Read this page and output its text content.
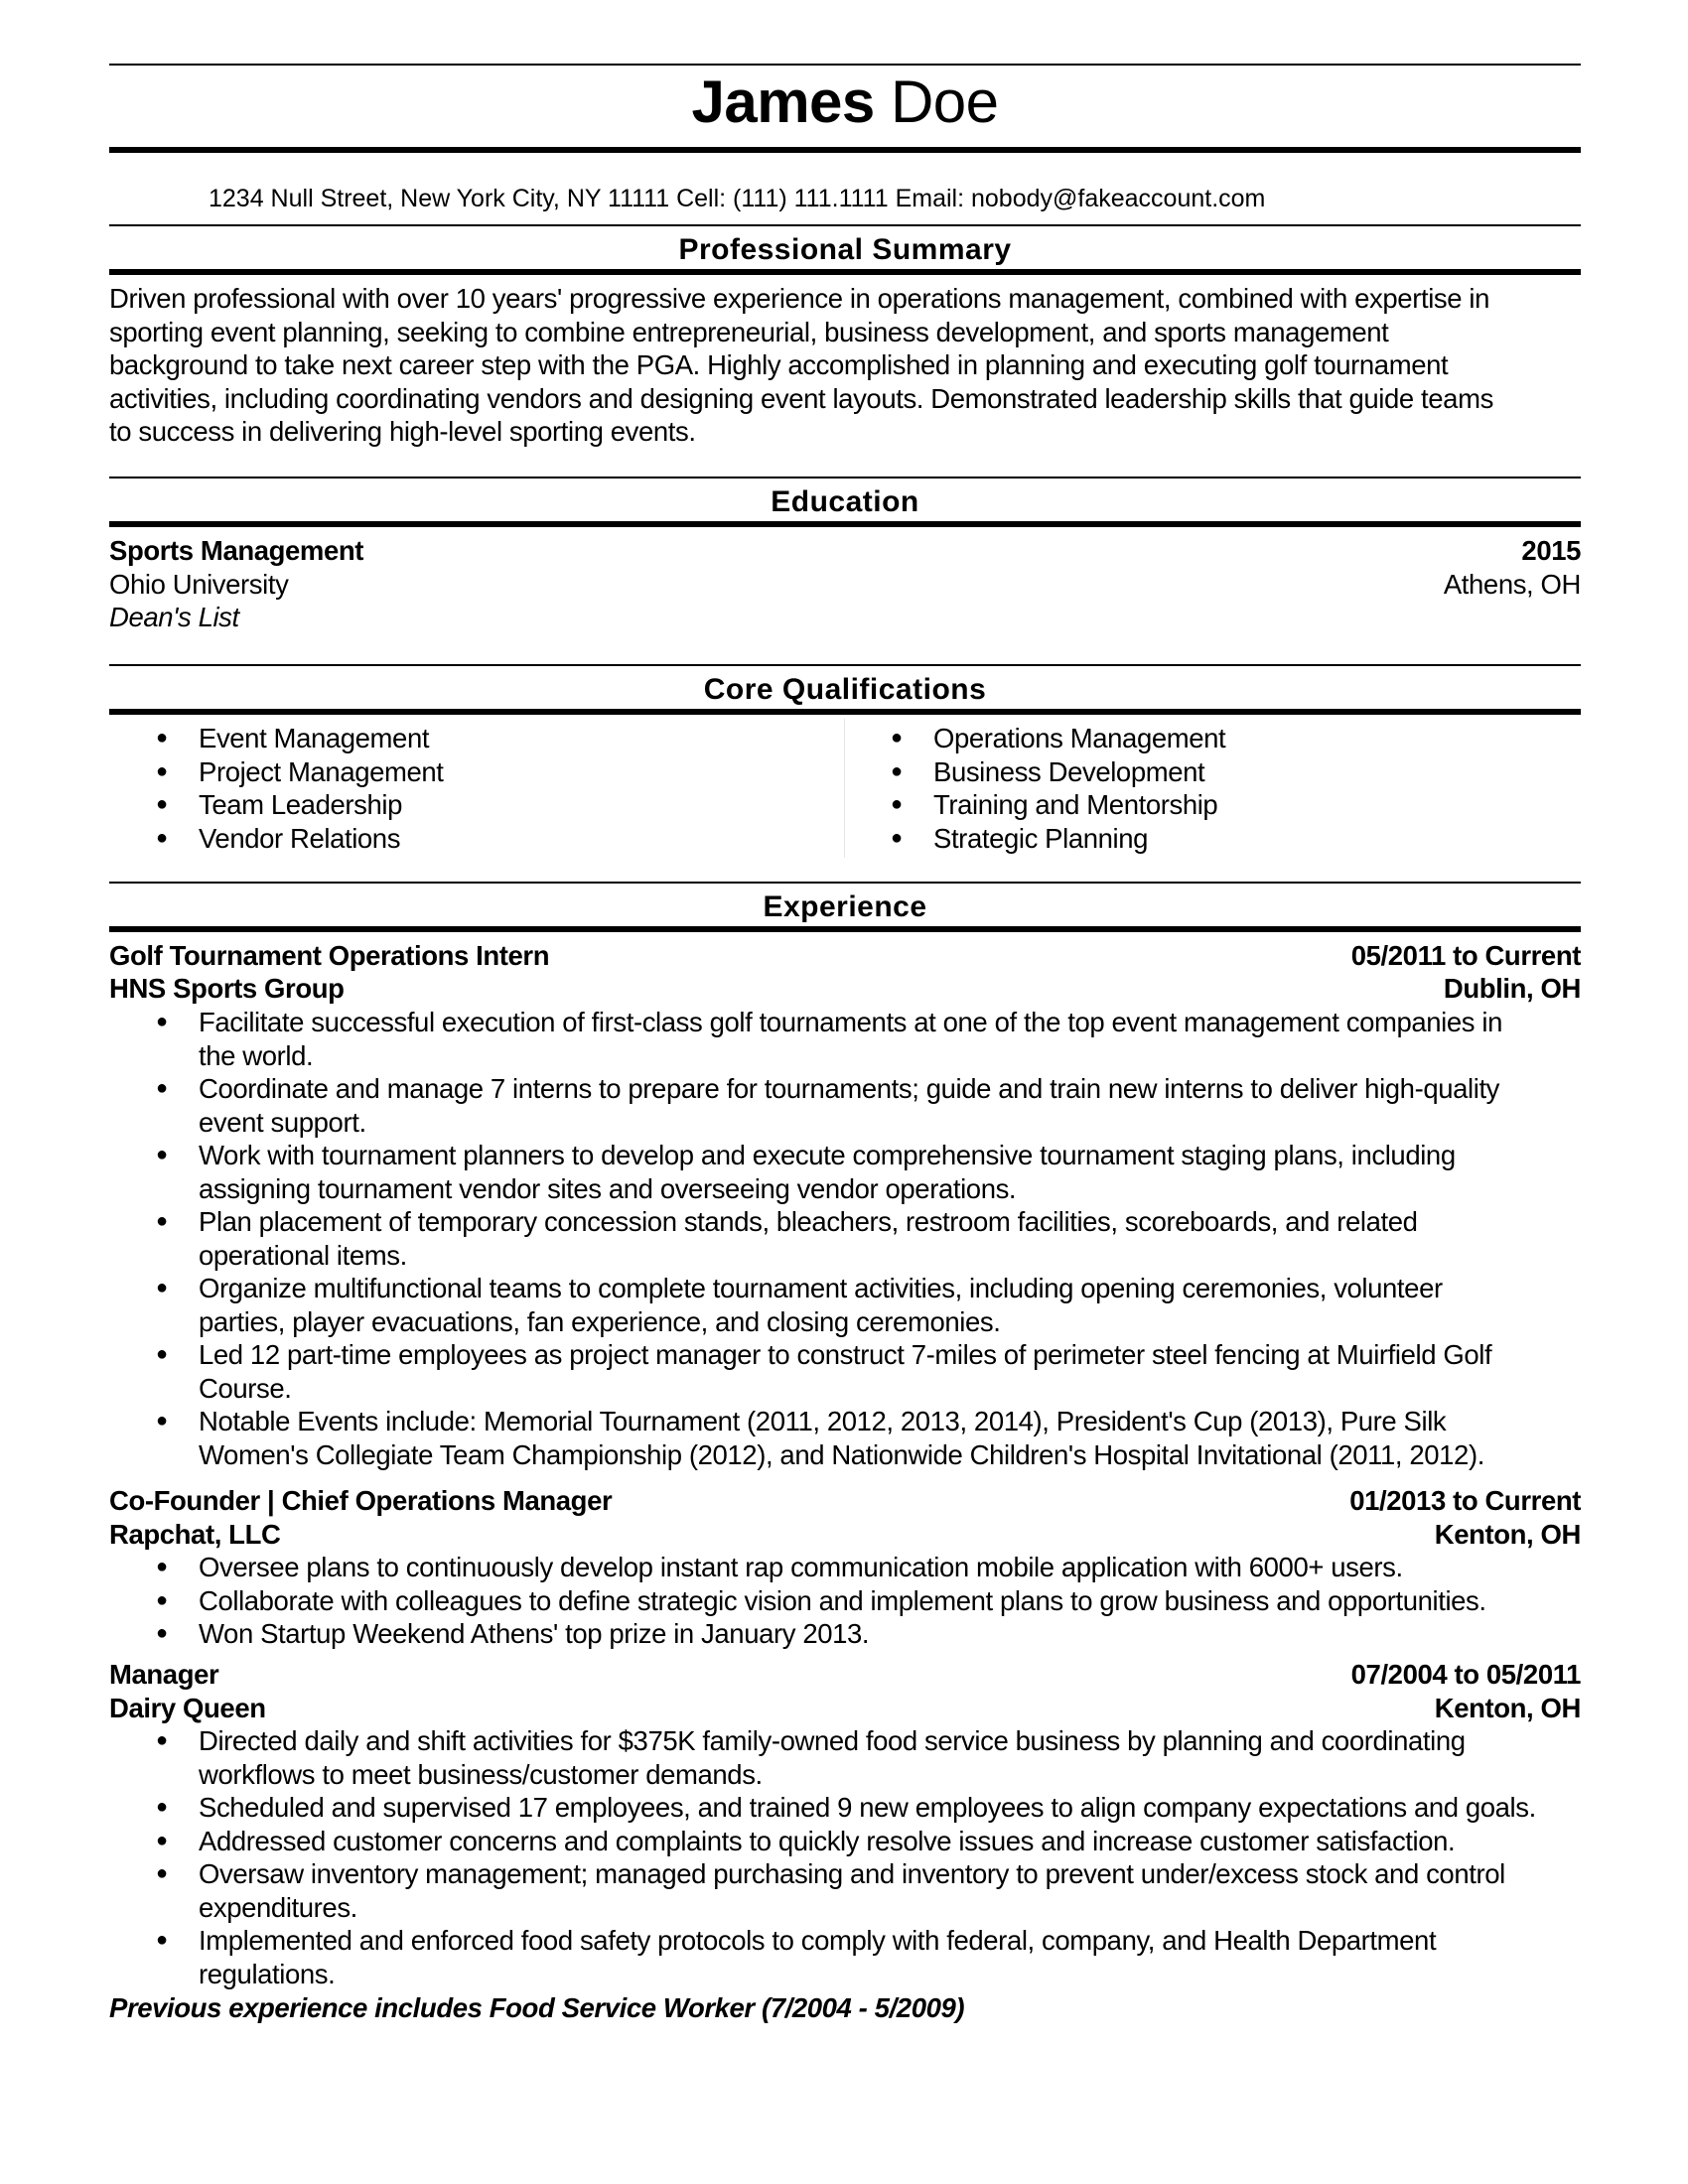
James Doe
1234 Null Street, New York City, NY 11111 Cell: (111) 111.1111 Email: nobody@fakeaccount.com
Professional Summary
Driven professional with over 10 years' progressive experience in operations management, combined with expertise in
sporting event planning, seeking to combine entrepreneurial, business development, and sports management
background to take next career step with the PGA. Highly accomplished in planning and executing golf tournament
activities, including coordinating vendors and designing event layouts. Demonstrated leadership skills that guide teams
to success in delivering high-level sporting events.
Education
Sports Management	2015
Ohio University	Athens, OH
Dean's List
Core Qualifications
● Event Management
● Project Management
● Team Leadership
● Vendor Relations
● Operations Management
● Business Development
● Training and Mentorship
● Strategic Planning
Experience
Golf Tournament Operations Intern	05/2011 to Current
HNS Sports Group	Dublin, OH
● Facilitate successful execution of first-class golf tournaments at one of the top event management companies in
the world.
● Coordinate and manage 7 interns to prepare for tournaments; guide and train new interns to deliver high-quality
event support.
● Work with tournament planners to develop and execute comprehensive tournament staging plans, including
assigning tournament vendor sites and overseeing vendor operations.
● Plan placement of temporary concession stands, bleachers, restroom facilities, scoreboards, and related
operational items.
● Organize multifunctional teams to complete tournament activities, including opening ceremonies, volunteer
parties, player evacuations, fan experience, and closing ceremonies.
● Led 12 part-time employees as project manager to construct 7-miles of perimeter steel fencing at Muirfield Golf
Course.
● Notable Events include: Memorial Tournament (2011, 2012, 2013, 2014), President's Cup (2013), Pure Silk
Women's Collegiate Team Championship (2012), and Nationwide Children's Hospital Invitational (2011, 2012).
Co-Founder | Chief Operations Manager	01/2013 to Current
Rapchat, LLC	Kenton, OH
● Oversee plans to continuously develop instant rap communication mobile application with 6000+ users.
● Collaborate with colleagues to define strategic vision and implement plans to grow business and opportunities.
● Won Startup Weekend Athens' top prize in January 2013.
Manager	07/2004 to 05/2011
Dairy Queen	Kenton, OH
● Directed daily and shift activities for $375K family-owned food service business by planning and coordinating
workflows to meet business/customer demands.
● Scheduled and supervised 17 employees, and trained 9 new employees to align company expectations and goals.
● Addressed customer concerns and complaints to quickly resolve issues and increase customer satisfaction.
● Oversaw inventory management; managed purchasing and inventory to prevent under/excess stock and control
expenditures.
● Implemented and enforced food safety protocols to comply with federal, company, and Health Department
regulations.
Previous experience includes Food Service Worker (7/2004 - 5/2009)
